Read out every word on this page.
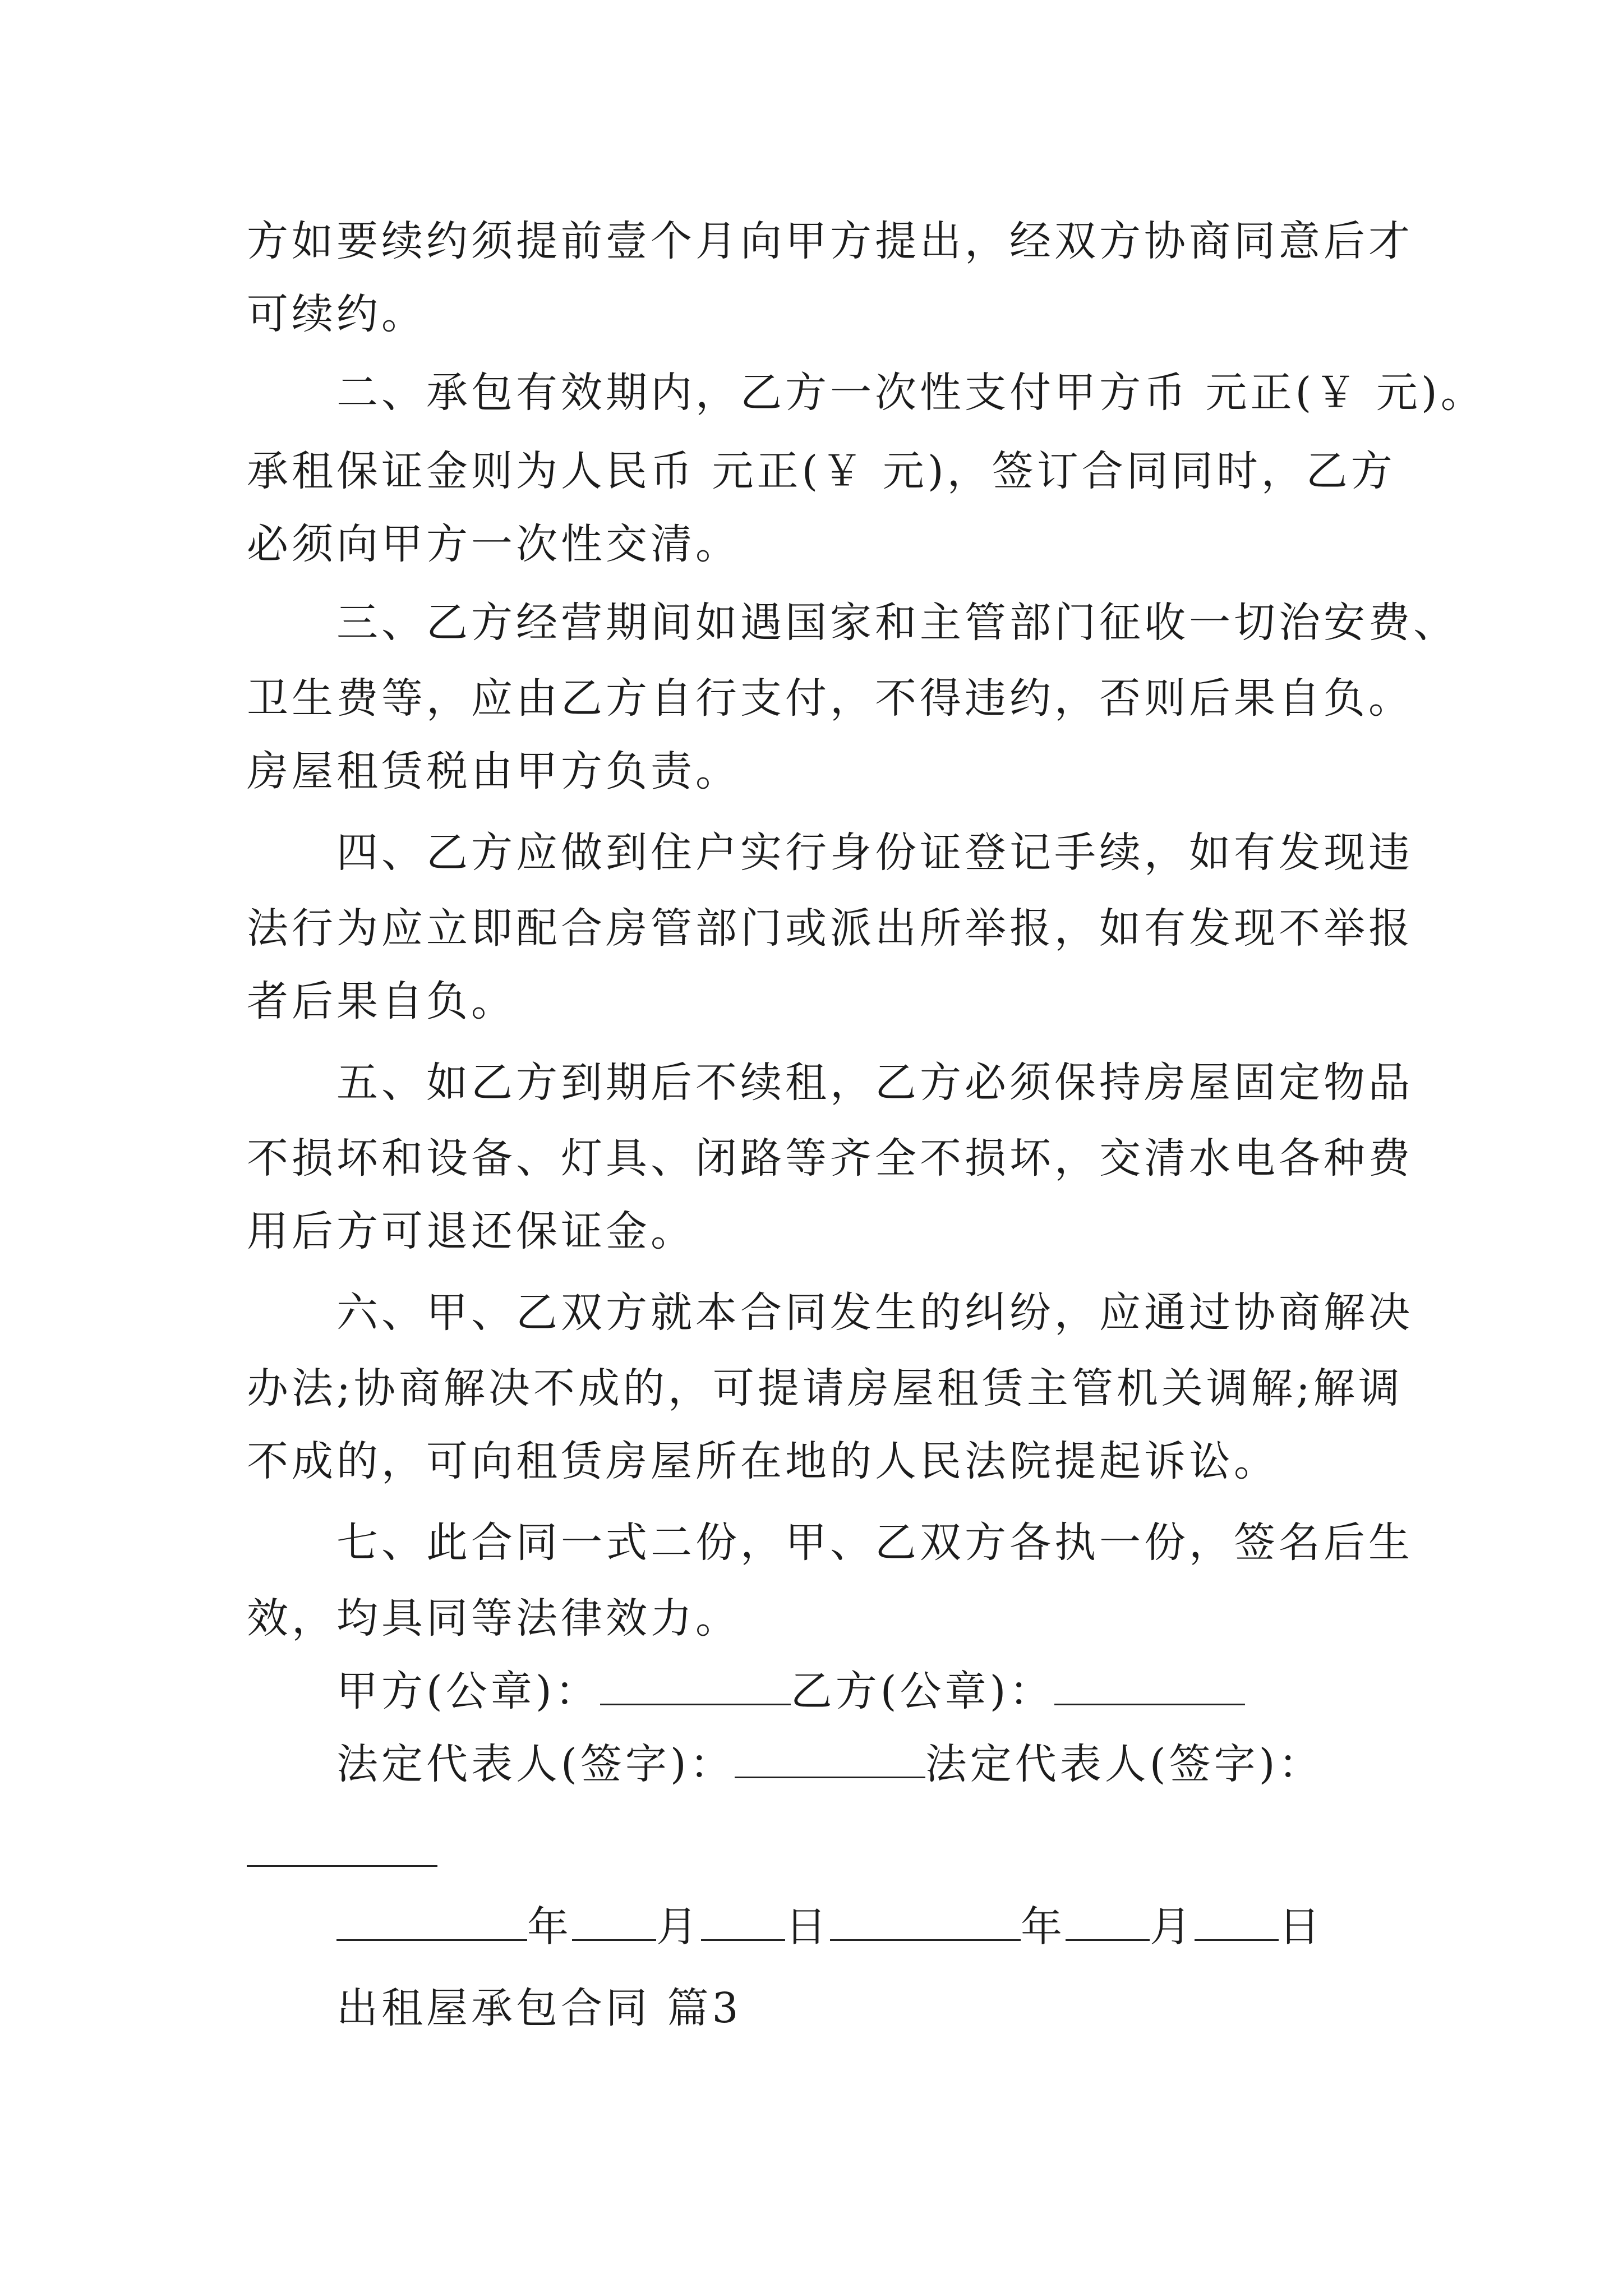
方如要续约须提前壹个月向甲方提出，经双方协商同意后才
可续约。
二、承包有效期内，乙方一次性支付甲方币 元正(￥ 元)。
承租保证金则为人民币 元正(￥ 元)，签订合同同时，乙方
必须向甲方一次性交清。
三、乙方经营期间如遇国家和主管部门征收一切治安费、
卫生费等，应由乙方自行支付，不得违约，否则后果自负。
房屋租赁税由甲方负责。
四、乙方应做到住户实行身份证登记手续，如有发现违
法行为应立即配合房管部门或派出所举报，如有发现不举报
者后果自负。
五、如乙方到期后不续租，乙方必须保持房屋固定物品
不损坏和设备、灯具、闭路等齐全不损坏，交清水电各种费
用后方可退还保证金。
六、甲、乙双方就本合同发生的纠纷，应通过协商解决
办法;协商解决不成的，可提请房屋租赁主管机关调解;解调
不成的，可向租赁房屋所在地的人民法院提起诉讼。
七、此合同一式二份，甲、乙双方各执一份，签名后生
效，均具同等法律效力。
甲方(公章)：	乙方(公章)：
法定代表人(签字)：	法定代表人(签字)：
年 月 日	年 月 日
出租屋承包合同 篇3
